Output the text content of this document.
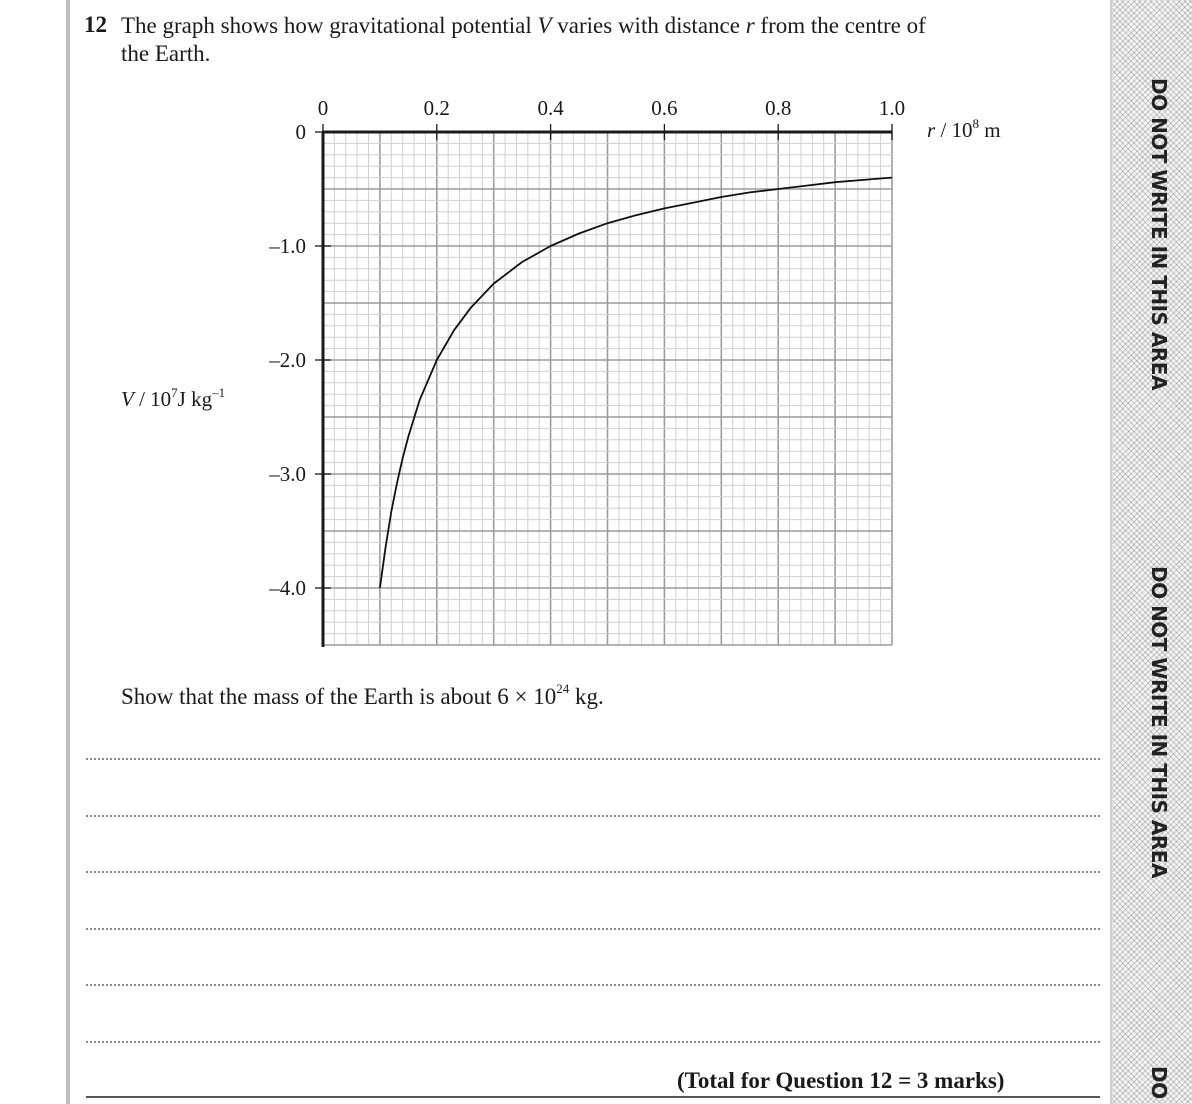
DO NOT WRITE IN THIS AREA
DO NOT WRITE IN THIS AREA
DO
12 The graph shows how gravitational potential V varies with distance r from the centre of
the Earth.
0	0.2	0.4	0.6	0.8	1.0
0
–1.0
–2.0
–3.0
–4.0
r / $10^8$ m
V / $10^7J$ $kg^{-1}$
Show that the mass of the Earth is about $6 \times 10^{24}$ kg.
(Total for Question 12 = 3 marks)
